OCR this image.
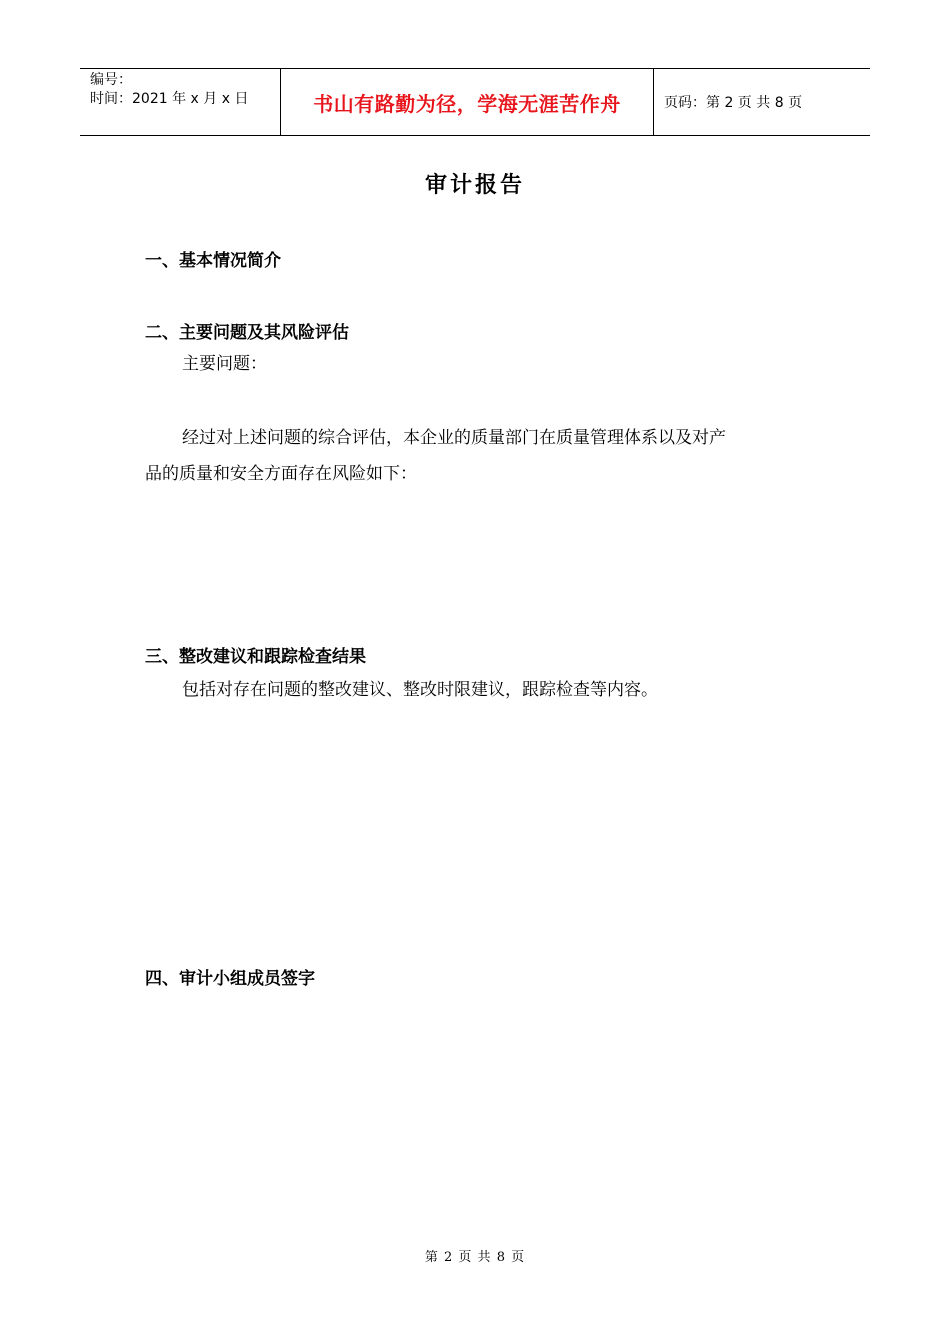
编号：
时间：2021 年 x 月 x 日	书山有路勤为径，学海无涯苦作舟	页码：第 2 页 共 8 页
审计报告
一、基本情况简介
二、主要问题及其风险评估
主要问题：
经过对上述问题的综合评估，本企业的质量部门在质量管理体系以及对产
品的质量和安全方面存在风险如下：
三、整改建议和跟踪检查结果
包括对存在问题的整改建议、整改时限建议，跟踪检查等内容。
四、审计小组成员签字
第 2 页 共 8 页
